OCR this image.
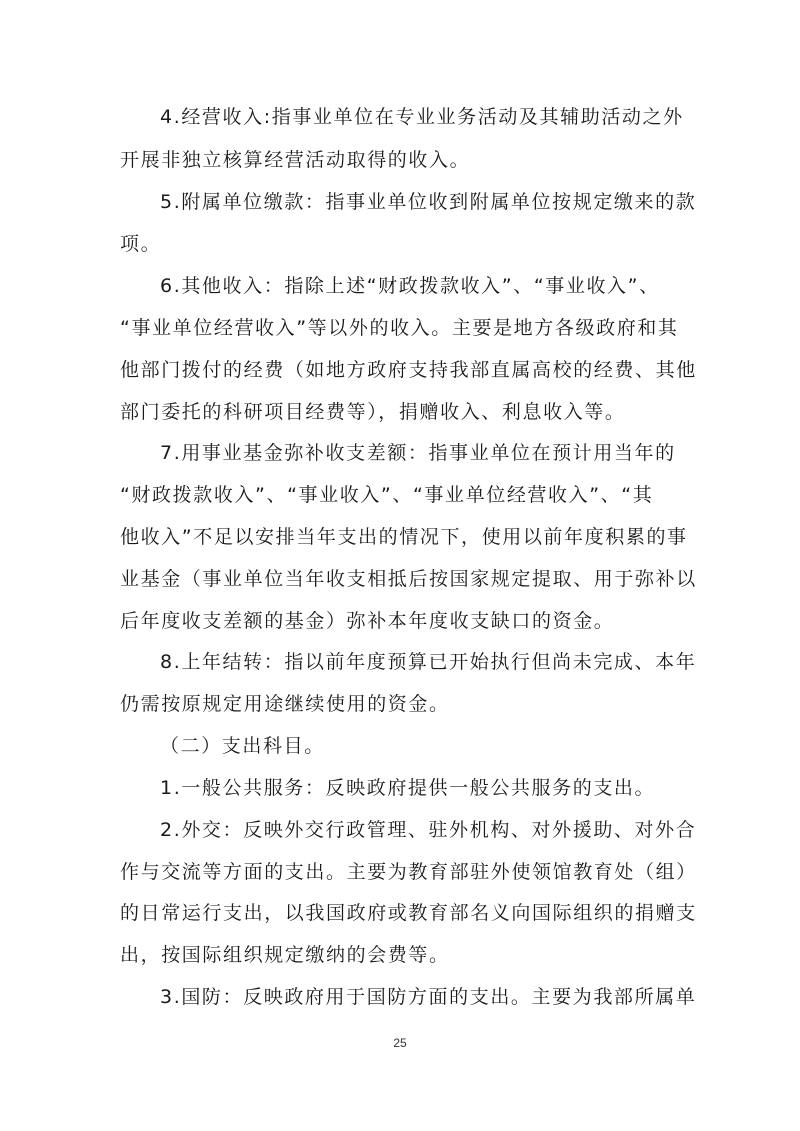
4.经营收入:指事业单位在专业业务活动及其辅助活动之外
开展非独立核算经营活动取得的收入。
5.附属单位缴款：指事业单位收到附属单位按规定缴来的款
项。
6.其他收入：指除上述“财政拨款收入”、“事业收入”、
“事业单位经营收入”等以外的收入。主要是地方各级政府和其
他部门拨付的经费（如地方政府支持我部直属高校的经费、其他
部门委托的科研项目经费等），捐赠收入、利息收入等。
7.用事业基金弥补收支差额：指事业单位在预计用当年的
“财政拨款收入”、“事业收入”、“事业单位经营收入”、“其
他收入”不足以安排当年支出的情况下，使用以前年度积累的事
业基金（事业单位当年收支相抵后按国家规定提取、用于弥补以
后年度收支差额的基金）弥补本年度收支缺口的资金。
8.上年结转：指以前年度预算已开始执行但尚未完成、本年
仍需按原规定用途继续使用的资金。
（二）支出科目。
1.一般公共服务：反映政府提供一般公共服务的支出。
2.外交：反映外交行政管理、驻外机构、对外援助、对外合
作与交流等方面的支出。主要为教育部驻外使领馆教育处（组）
的日常运行支出，以我国政府或教育部名义向国际组织的捐赠支
出，按国际组织规定缴纳的会费等。
3.国防：反映政府用于国防方面的支出。主要为我部所属单
25
